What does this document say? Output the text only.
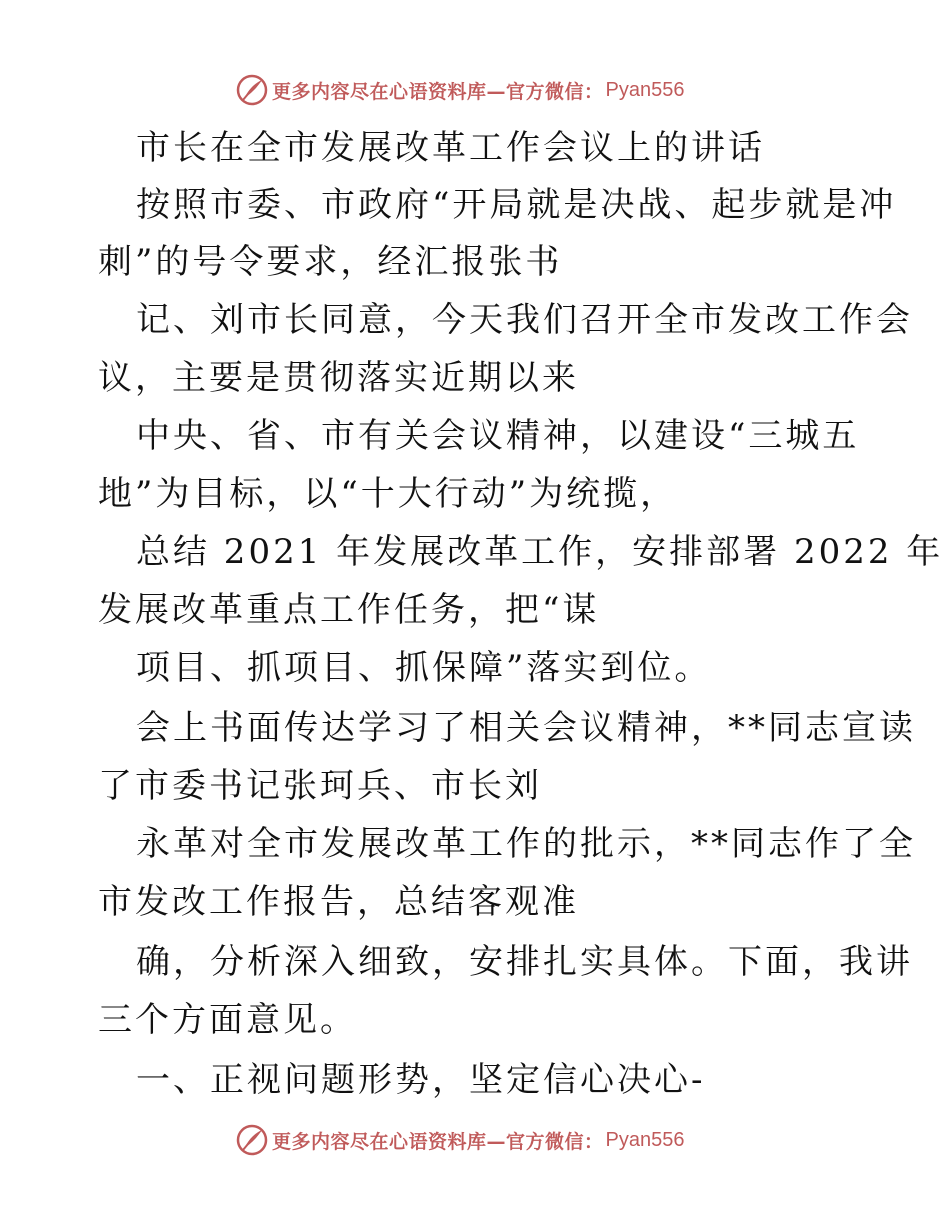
更多内容尽在心语资料库—官方微信： Pyan556
市长在全市发展改革工作会议上的讲话
按照市委、市政府“开局就是决战、起步就是冲
刺”的号令要求，经汇报张书
记、刘市长同意，今天我们召开全市发改工作会
议，主要是贯彻落实近期以来
中央、省、市有关会议精神，以建设“三城五
地”为目标，以“十大行动”为统揽，
总结 2021 年发展改革工作，安排部署 2022 年
发展改革重点工作任务，把“谋
项目、抓项目、抓保障”落实到位。
会上书面传达学习了相关会议精神，**同志宣读
了市委书记张珂兵、市长刘
永革对全市发展改革工作的批示，**同志作了全
市发改工作报告，总结客观准
确，分析深入细致，安排扎实具体。下面，我讲
三个方面意见。
一、正视问题形势，坚定信心决心-
更多内容尽在心语资料库—官方微信： Pyan556
